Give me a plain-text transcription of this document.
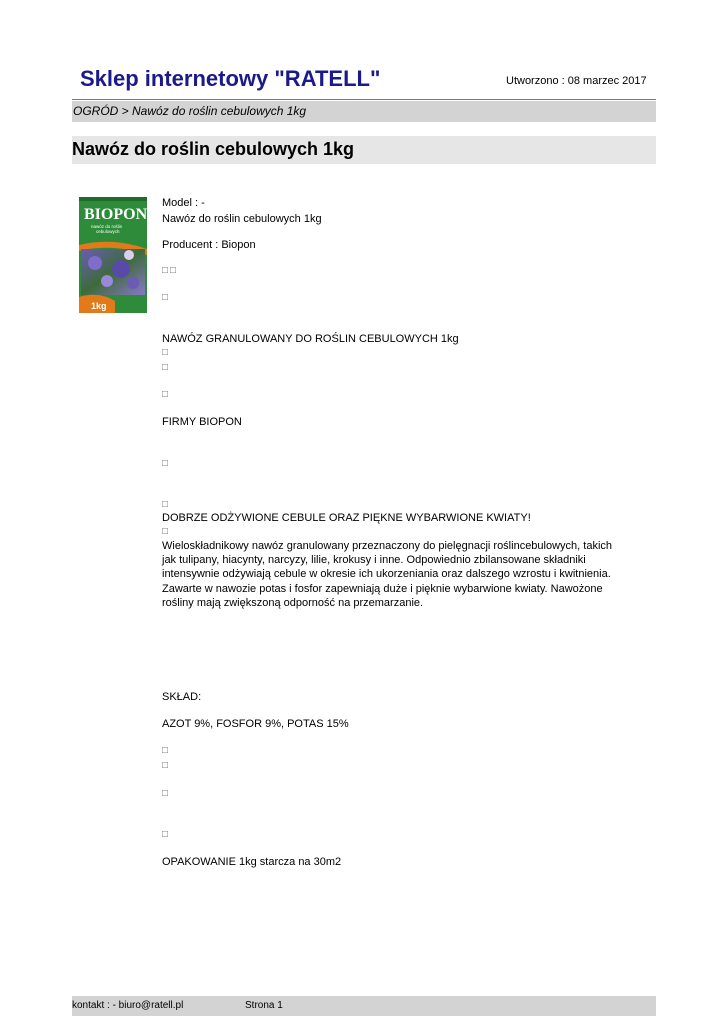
Sklep internetowy "RATELL"	Utworzono : 08 marzec 2017
OGRÓD > Nawóz do roślin cebulowych 1kg
Nawóz do roślin cebulowych 1kg
BIOPON
nawóz do roślin
cebulowych
1kg
Model : -
Nawóz do roślin cebulowych 1kg
Producent : Biopon
□□
□
NAWÓZ GRANULOWANY DO ROŚLIN CEBULOWYCH 1kg
□
□
□
FIRMY BIOPON
□
□
DOBRZE ODŻYWIONE CEBULE ORAZ PIĘKNE WYBARWIONE KWIATY!
□
Wieloskładnikowy nawóz granulowany przeznaczony do pielęgnacji roślincebulowych, takich jak tulipany, hiacynty, narcyzy, lilie, krokusy i inne. Odpowiednio zbilansowane składniki intensywnie odżywiają cebule w okresie ich ukorzeniania oraz dalszego wzrostu i kwitnienia. Zawarte w nawozie potas i fosfor zapewniają duże i pięknie wybarwione kwiaty. Nawożone rośliny mają zwiększoną odporność na przemarzanie.
SKŁAD:
AZOT 9%, FOSFOR 9%, POTAS 15%
□
□
□
□
OPAKOWANIE 1kg starcza na 30m2
kontakt : - biuro@ratell.pl	Strona 1
